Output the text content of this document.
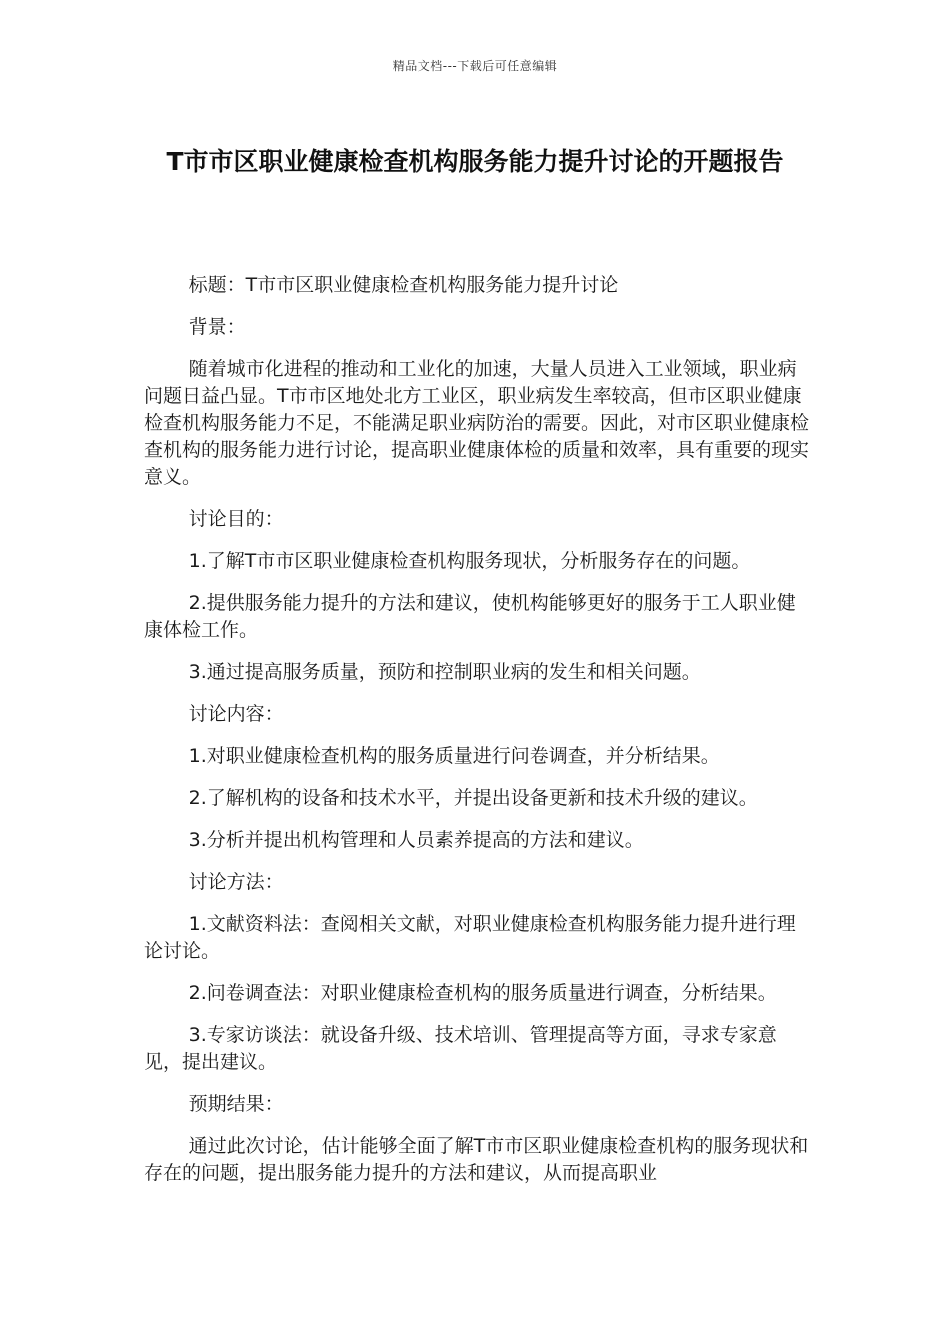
精品文档---下载后可任意编辑
T市市区职业健康检查机构服务能力提升讨论的开题报告

标题：T市市区职业健康检查机构服务能力提升讨论

背景：

随着城市化进程的推动和工业化的加速，大量人员进入工业领域，职业病问题日益凸显。T市市区地处北方工业区，职业病发生率较高，但市区职业健康检查机构服务能力不足，不能满足职业病防治的需要。因此，对市区职业健康检查机构的服务能力进行讨论，提高职业健康体检的质量和效率，具有重要的现实意义。

讨论目的：

1.了解T市市区职业健康检查机构服务现状，分析服务存在的问题。

2.提供服务能力提升的方法和建议，使机构能够更好的服务于工人职业健康体检工作。

3.通过提高服务质量，预防和控制职业病的发生和相关问题。

讨论内容：

1.对职业健康检查机构的服务质量进行问卷调查，并分析结果。

2.了解机构的设备和技术水平，并提出设备更新和技术升级的建议。

3.分析并提出机构管理和人员素养提高的方法和建议。

讨论方法：

1.文献资料法：查阅相关文献，对职业健康检查机构服务能力提升进行理论讨论。

2.问卷调查法：对职业健康检查机构的服务质量进行调查，分析结果。

3.专家访谈法：就设备升级、技术培训、管理提高等方面，寻求专家意见，提出建议。

预期结果：

通过此次讨论，估计能够全面了解T市市区职业健康检查机构的服务现状和存在的问题，提出服务能力提升的方法和建议，从而提高职业
